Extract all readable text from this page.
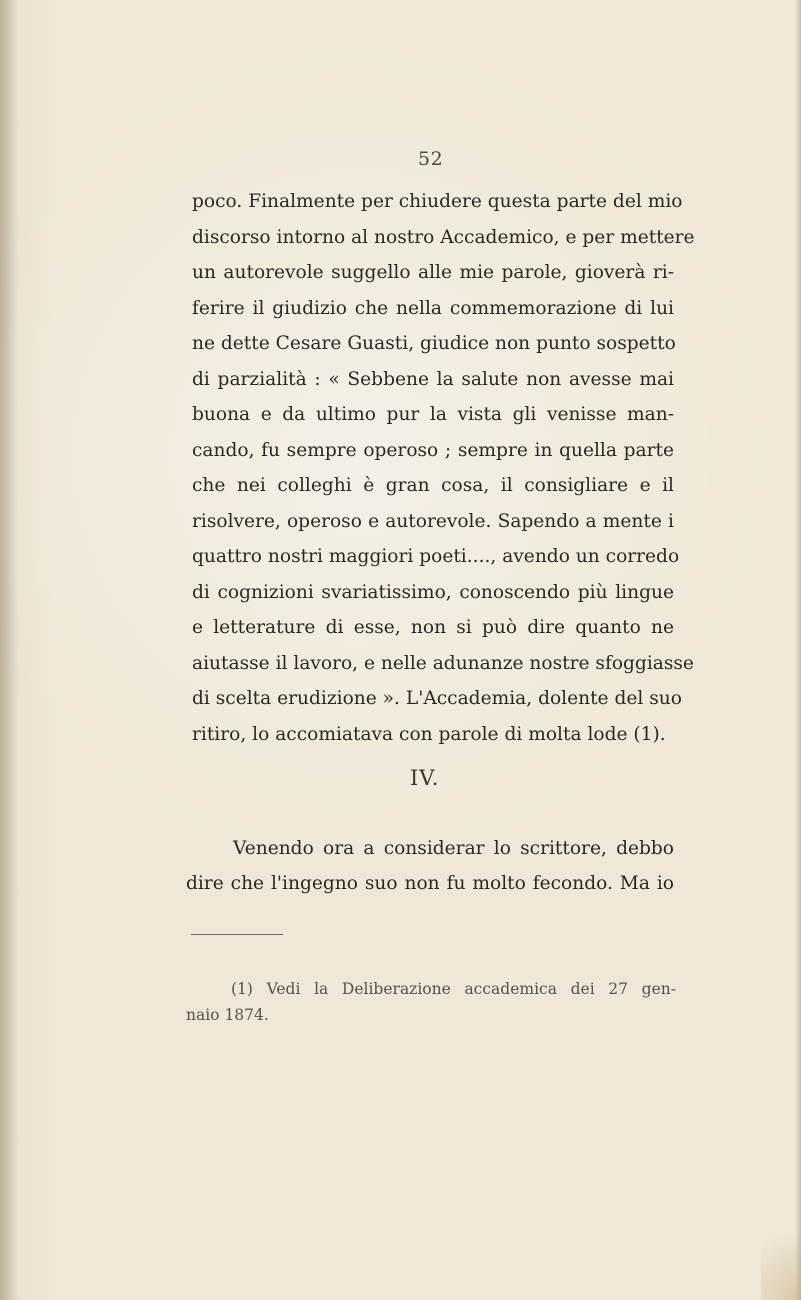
52
poco. Finalmente per chiudere questa parte del mio
discorso intorno al nostro Accademico, e per mettere
un autorevole suggello alle mie parole, gioverà ri-
ferire il giudizio che nella commemorazione di lui
ne dette Cesare Guasti, giudice non punto sospetto
di parzialità : « Sebbene la salute non avesse mai
buona e da ultimo pur la vista gli venisse man-
cando, fu sempre operoso ; sempre in quella parte
che nei colleghi è gran cosa, il consigliare e il
risolvere, operoso e autorevole. Sapendo a mente i
quattro nostri maggiori poeti...., avendo un corredo
di cognizioni svariatissimo, conoscendo più lingue
e letterature di esse, non si può dire quanto ne
aiutasse il lavoro, e nelle adunanze nostre sfoggiasse
di scelta erudizione ». L'Accademia, dolente del suo
ritiro, lo accomiatava con parole di molta lode (1).
IV.
Venendo ora a considerar lo scrittore, debbo
dire che l'ingegno suo non fu molto fecondo. Ma io
(1) Vedi la Deliberazione accademica dei 27 gen-
naio 1874.
